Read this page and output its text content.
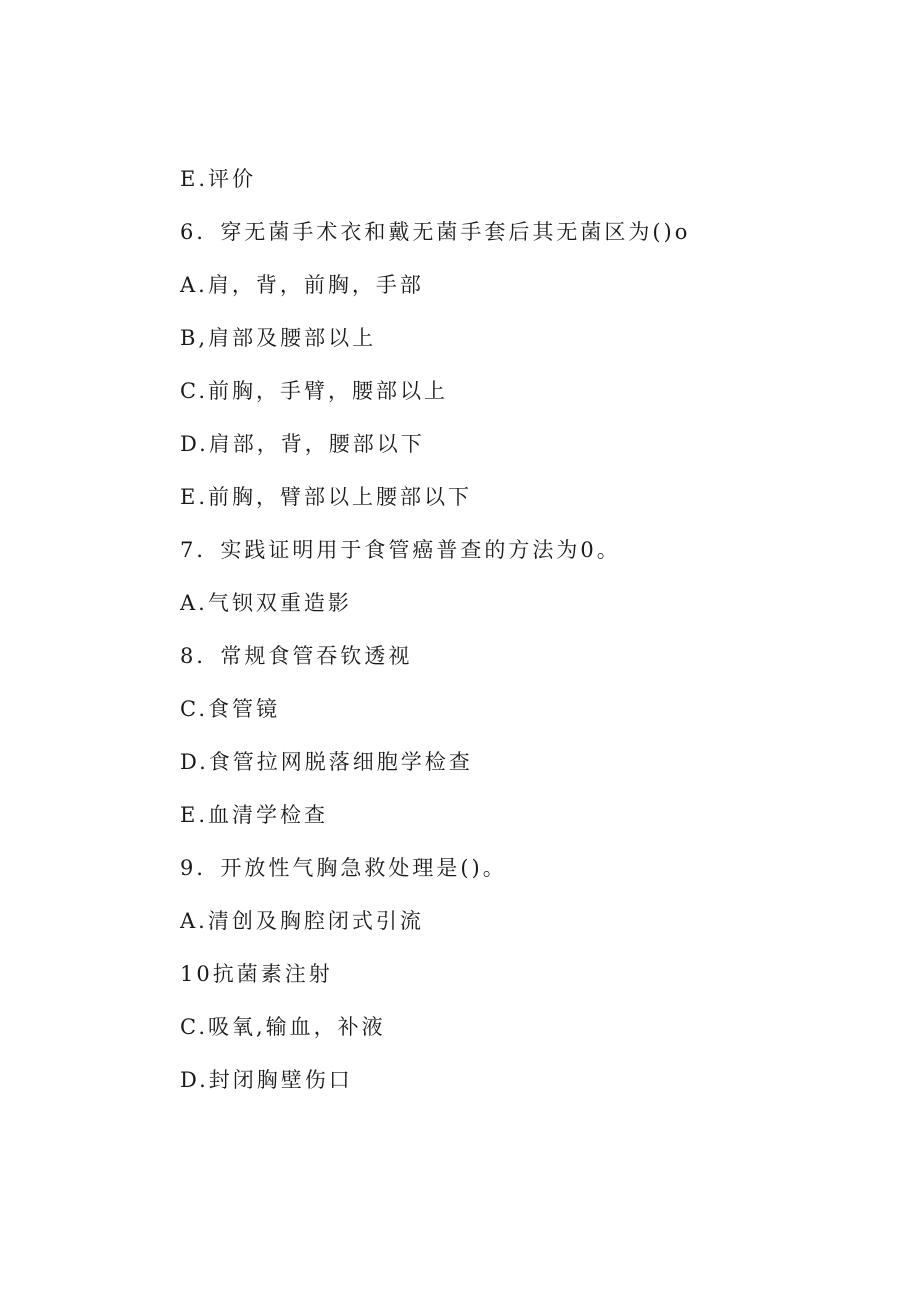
E.评价

6．穿无菌手术衣和戴无菌手套后其无菌区为()o

A.肩，背，前胸，手部

B,肩部及腰部以上

C.前胸，手臂，腰部以上

D.肩部，背，腰部以下

E.前胸，臂部以上腰部以下

7．实践证明用于食管癌普查的方法为0。

A.气钡双重造影

8．常规食管吞钦透视

C.食管镜

D.食管拉网脱落细胞学检查

E.血清学检查

9．开放性气胸急救处理是()。

A.清创及胸腔闭式引流

10抗菌素注射

C.吸氧,输血，补液

D.封闭胸壁伤口
